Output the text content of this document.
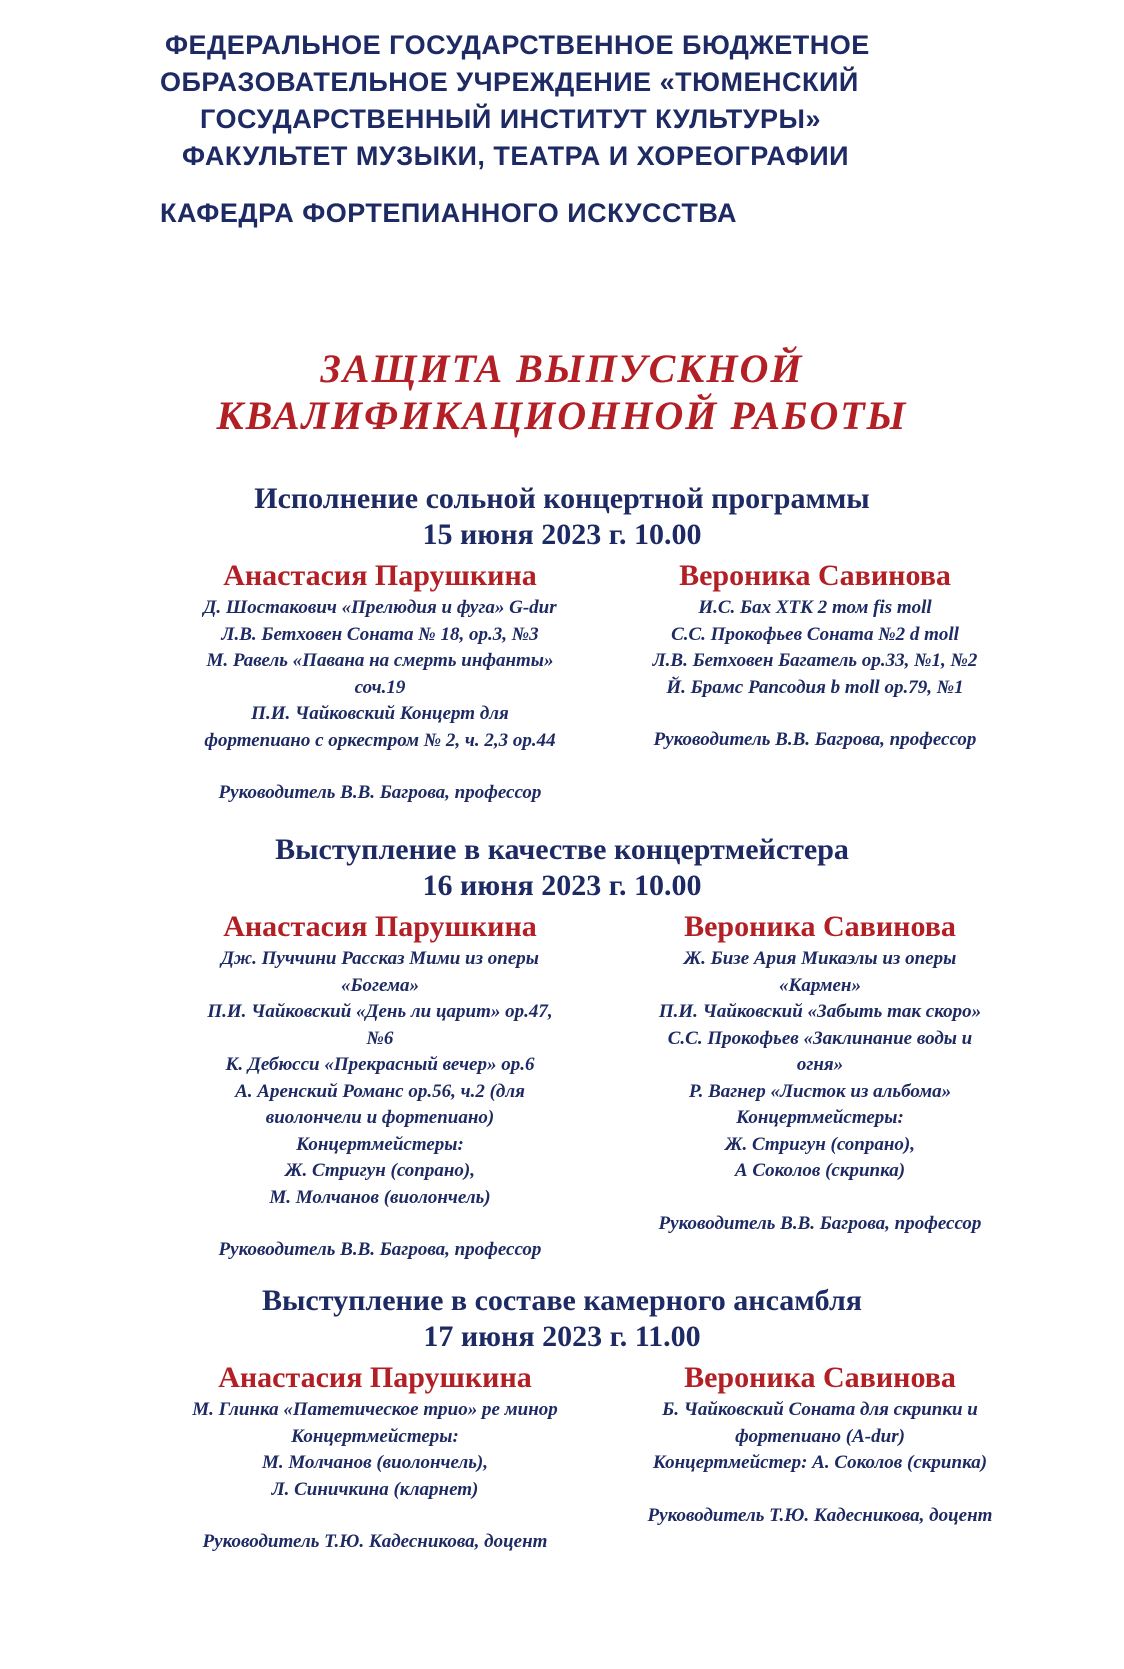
ФЕДЕРАЛЬНОЕ ГОСУДАРСТВЕННОЕ БЮДЖЕТНОЕ
ОБРАЗОВАТЕЛЬНОЕ УЧРЕЖДЕНИЕ «ТЮМЕНСКИЙ
ГОСУДАРСТВЕННЫЙ ИНСТИТУТ КУЛЬТУРЫ»
ФАКУЛЬТЕТ МУЗЫКИ, ТЕАТРА И ХОРЕОГРАФИИ
КАФЕДРА ФОРТЕПИАННОГО ИСКУССТВА
ЗАЩИТА ВЫПУСКНОЙ
КВАЛИФИКАЦИОННОЙ РАБОТЫ
Исполнение сольной концертной программы
15 июня 2023 г. 10.00
Анастасия Парушкина
Д. Шостакович «Прелюдия и фуга» G-dur
Л.В. Бетховен Соната № 18, ор.3, №3
М. Равель «Павана на смерть инфанты»
соч.19
П.И. Чайковский Концерт для
фортепиано с оркестром № 2, ч. 2,3 ор.44
Руководитель В.В. Багрова, профессор
Вероника Савинова
И.С. Бах ХТК 2 том fis moll
С.С. Прокофьев Соната №2 d moll
Л.В. Бетховен Багатель ор.33, №1, №2
Й. Брамс Рапсодия b moll ор.79, №1
Руководитель В.В. Багрова, профессор
Выступление в качестве концертмейстера
16 июня 2023 г. 10.00
Анастасия Парушкина
Дж. Пуччини Рассказ Мими из оперы
«Богема»
П.И. Чайковский «День ли царит» ор.47,
№6
К. Дебюсси «Прекрасный вечер» ор.6
А. Аренский Романс ор.56, ч.2 (для
виолончели и фортепиано)
Концертмейстеры:
Ж. Стригун (сопрано),
М. Молчанов (виолончель)
Руководитель В.В. Багрова, профессор
Вероника Савинова
Ж. Бизе Ария Микаэлы из оперы
«Кармен»
П.И. Чайковский «Забыть так скоро»
С.С. Прокофьев «Заклинание воды и
огня»
Р. Вагнер «Листок из альбома»
Концертмейстеры:
Ж. Стригун (сопрано),
А Соколов (скрипка)
Руководитель В.В. Багрова, профессор
Выступление в составе камерного ансамбля
17 июня 2023 г. 11.00
Анастасия Парушкина
М. Глинка «Патетическое трио» ре минор
Концертмейстеры:
М. Молчанов (виолончель),
Л. Синичкина (кларнет)
Руководитель Т.Ю. Кадесникова, доцент
Вероника Савинова
Б. Чайковский Соната для скрипки и
фортепиано (A-dur)
Концертмейстер: А. Соколов (скрипка)
Руководитель Т.Ю. Кадесникова, доцент
